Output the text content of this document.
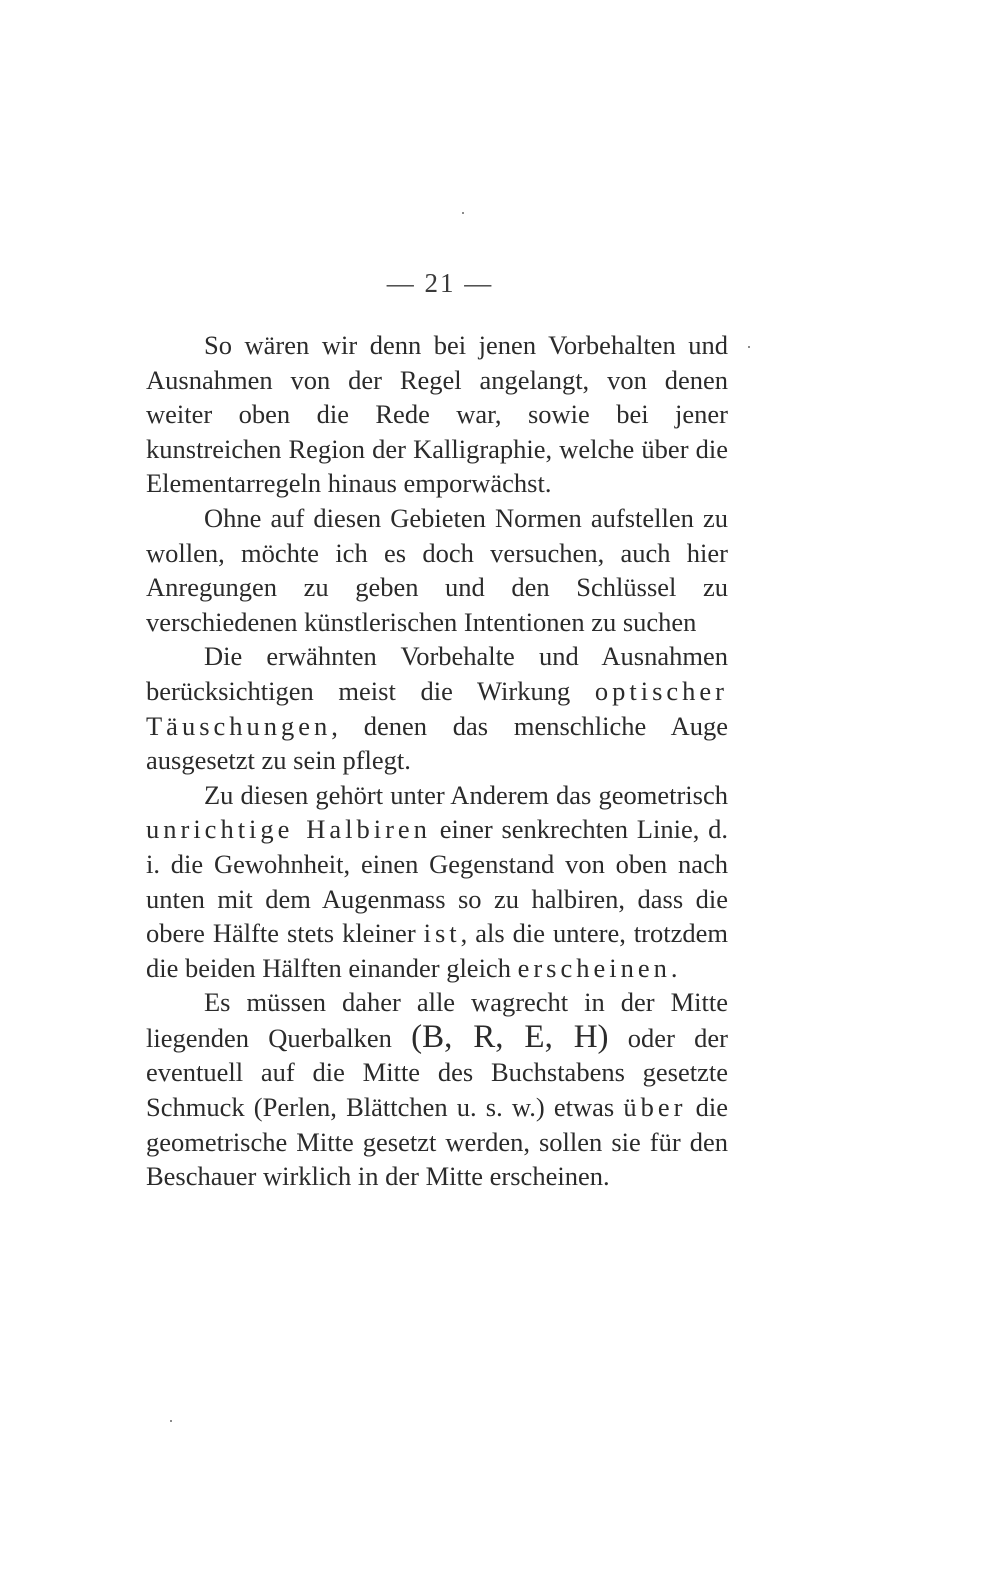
— 21 —

So wären wir denn bei jenen Vorbehalten und Ausnahmen von der Regel angelangt, von denen weiter oben die Rede war, sowie bei jener kunstreichen Region der Kalligraphie, welche über die Elementarregeln hinaus emporwächst.

Ohne auf diesen Gebieten Normen aufstellen zu wollen, möchte ich es doch versuchen, auch hier Anregungen zu geben und den Schlüssel zu verschiedenen künstlerischen Intentionen zu suchen

Die erwähnten Vorbehalte und Ausnahmen berücksichtigen meist die Wirkung optischer Täuschungen, denen das menschliche Auge ausgesetzt zu sein pflegt.

Zu diesen gehört unter Anderem das geometrisch unrichtige Halbiren einer senkrechten Linie, d. i. die Gewohnheit, einen Gegenstand von oben nach unten mit dem Augenmass so zu halbiren, dass die obere Hälfte stets kleiner ist, als die untere, trotzdem die beiden Hälften einander gleich erscheinen.

Es müssen daher alle wagrecht in der Mitte liegenden Querbalken (B, R, E, H) oder der eventuell auf die Mitte des Buchstabens gesetzte Schmuck (Perlen, Blättchen u. s. w.) etwas über die geometrische Mitte gesetzt werden, sollen sie für den Beschauer wirklich in der Mitte erscheinen.
